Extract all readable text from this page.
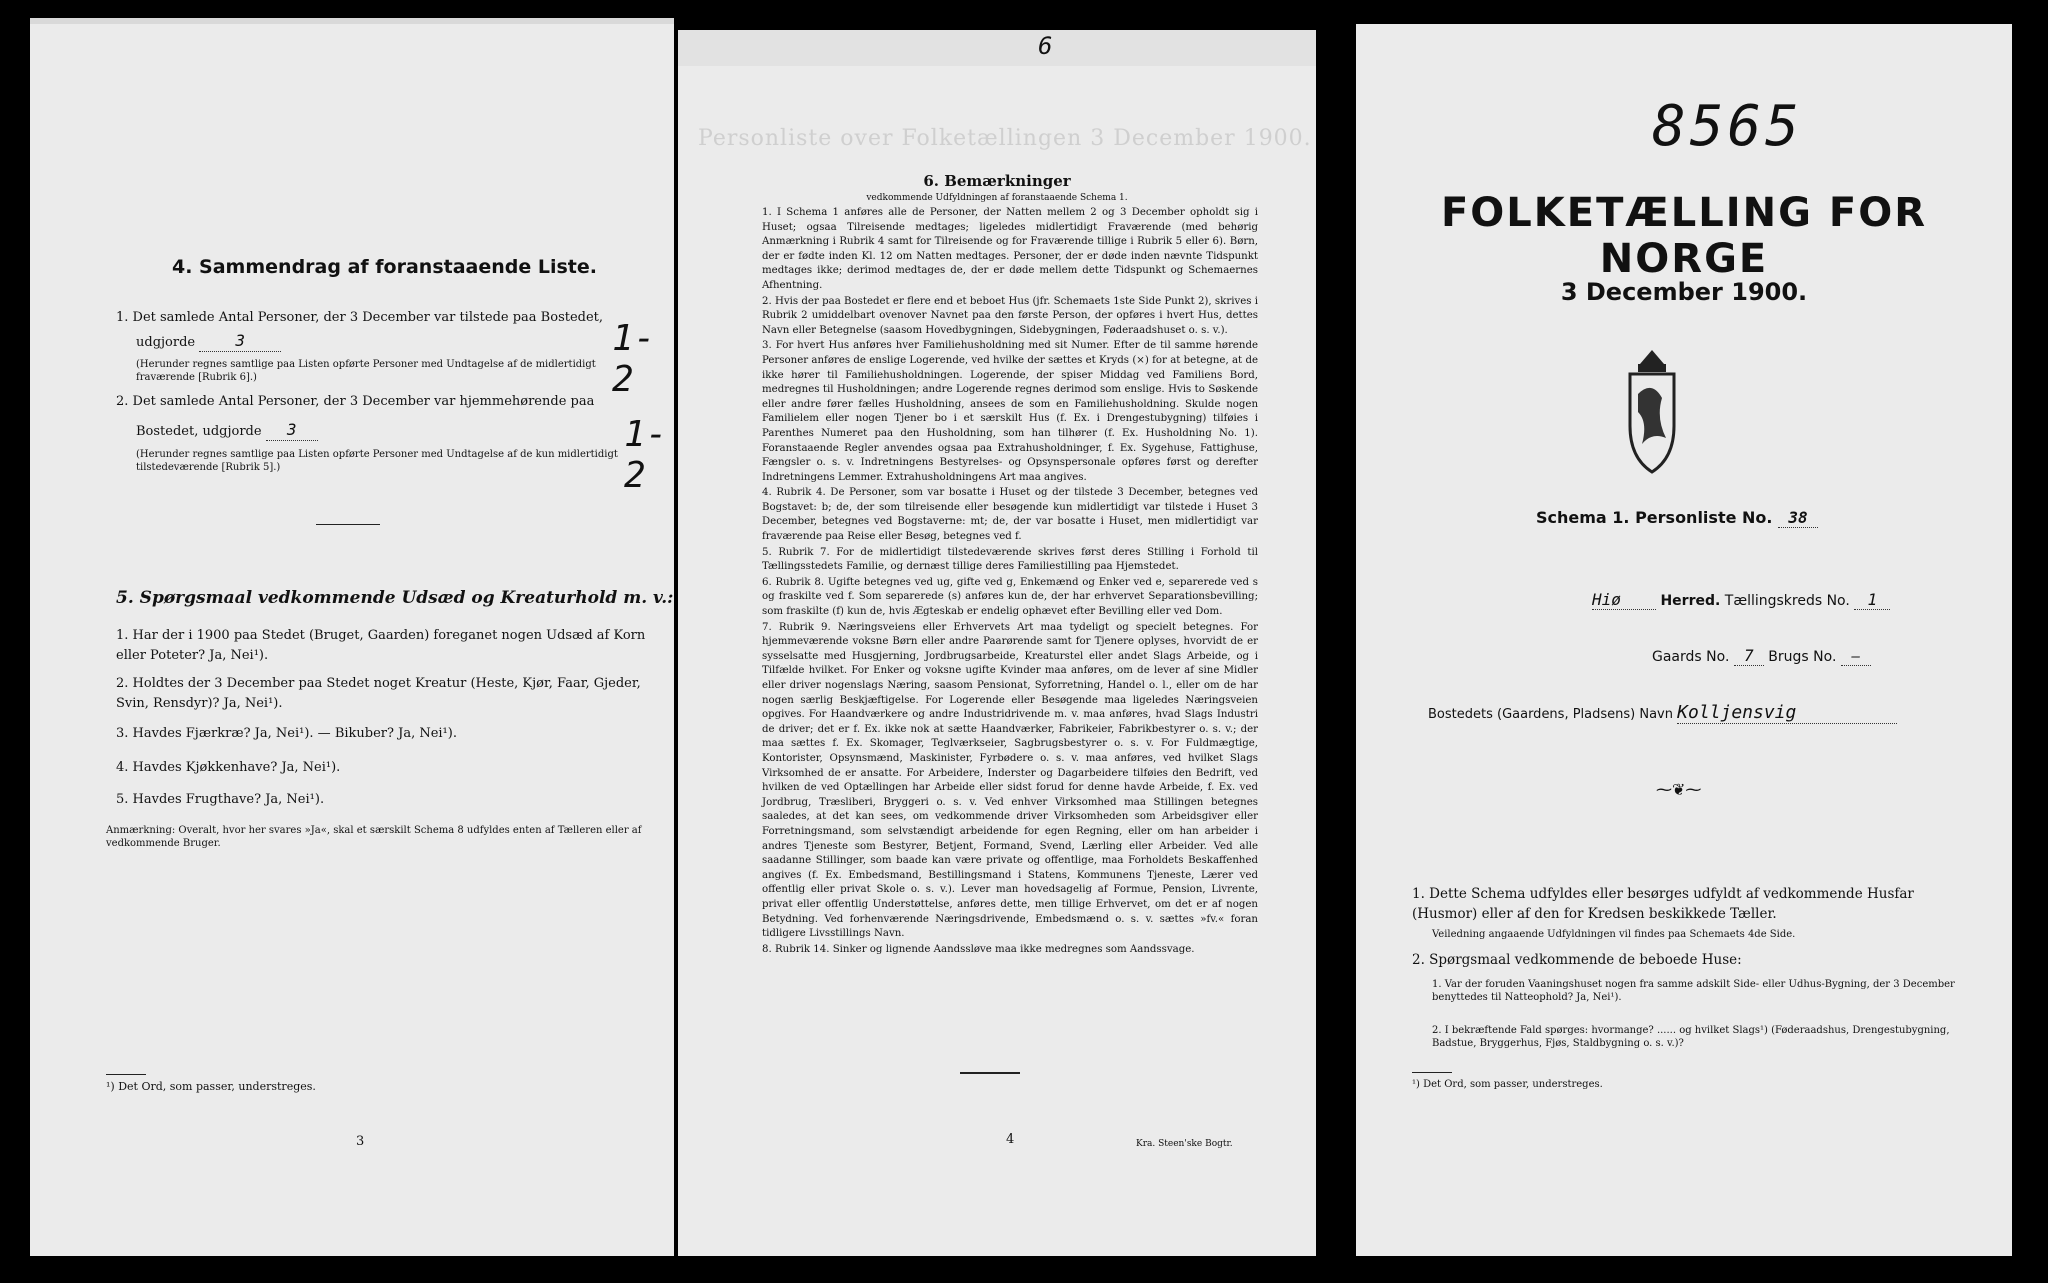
4. Sammendrag af foranstaaende Liste.
1. Det samlede Antal Personer, der 3 December var tilstede paa Bostedet,
udgjorde	3	1-2
(Herunder regnes samtlige paa Listen opførte Personer med Undtagelse af de midlertidigt fraværende [Rubrik 6].)
2. Det samlede Antal Personer, der 3 December var hjemmehørende paa
Bostedet, udgjorde 3	1-2
(Herunder regnes samtlige paa Listen opførte Personer med Undtagelse af de kun midlertidigt tilstedeværende [Rubrik 5].)
5. Spørgsmaal vedkommende Udsæd og Kreaturhold m. v.:
1. Har der i 1900 paa Stedet (Bruget, Gaarden) foreganet nogen Udsæd af Korn eller Poteter? Ja, Nei¹).
2. Holdtes der 3 December paa Stedet noget Kreatur (Heste, Kjør, Faar, Gjeder, Svin, Rensdyr)? Ja, Nei¹).
3. Havdes Fjærkræ? Ja, Nei¹). — Bikuber? Ja, Nei¹).
4. Havdes Kjøkkenhave? Ja, Nei¹).
5. Havdes Frugthave? Ja, Nei¹).
Anmærkning: Overalt, hvor her svares »Ja«, skal et særskilt Schema 8 udfyldes enten af Tælleren eller af vedkommende Bruger.
¹) Det Ord, som passer, understreges.
3
Personliste over Folketællingen 3 December 1900.
6
6. Bemærkninger
vedkommende Udfyldningen af foranstaaende Schema 1.

1. I Schema 1 anføres alle de Personer, der Natten mellem 2 og 3 December opholdt sig i Huset; ogsaa Tilreisende medtages; ligeledes midlertidigt Fraværende (med behørig Anmærkning i Rubrik 4 samt for Tilreisende og for Fraværende tillige i Rubrik 5 eller 6). Børn, der er fødte inden Kl. 12 om Natten medtages. Personer, der er døde inden nævnte Tidspunkt medtages ikke; derimod medtages de, der er døde mellem dette Tidspunkt og Schemaernes Afhentning.

2. Hvis der paa Bostedet er flere end et beboet Hus (jfr. Schemaets 1ste Side Punkt 2), skrives i Rubrik 2 umiddelbart ovenover Navnet paa den første Person, der opføres i hvert Hus, dettes Navn eller Betegnelse (saasom Hovedbygningen, Sidebygningen, Føderaadshuset o. s. v.).

3. For hvert Hus anføres hver Familiehusholdning med sit Numer. Efter de til samme hørende Personer anføres de enslige Logerende, ved hvilke der sættes et Kryds (×) for at betegne, at de ikke hører til Familiehusholdningen. Logerende, der spiser Middag ved Familiens Bord, medregnes til Husholdningen; andre Logerende regnes derimod som enslige. Hvis to Søskende eller andre fører fælles Husholdning, ansees de som en Familiehusholdning. Skulde nogen Familielem eller nogen Tjener bo i et særskilt Hus (f. Ex. i Drengestubygning) tilføies i Parenthes Numeret paa den Husholdning, som han tilhører (f. Ex. Husholdning No. 1). Foranstaaende Regler anvendes ogsaa paa Extrahusholdninger, f. Ex. Sygehuse, Fattighuse, Fængsler o. s. v. Indretningens Bestyrelses- og Opsynspersonale opføres først og derefter Indretningens Lemmer. Extrahusholdningens Art maa angives.

4. Rubrik 4. De Personer, som var bosatte i Huset og der tilstede 3 December, betegnes ved Bogstavet: b; de, der som tilreisende eller besøgende kun midlertidigt var tilstede i Huset 3 December, betegnes ved Bogstaverne: mt; de, der var bosatte i Huset, men midlertidigt var fraværende paa Reise eller Besøg, betegnes ved f.

5. Rubrik 7. For de midlertidigt tilstedeværende skrives først deres Stilling i Forhold til Tællingsstedets Familie, og dernæst tillige deres Familiestilling paa Hjemstedet.

6. Rubrik 8. Ugifte betegnes ved ug, gifte ved g, Enkemænd og Enker ved e, separerede ved s og fraskilte ved f. Som separerede (s) anføres kun de, der har erhvervet Separationsbevilling; som fraskilte (f) kun de, hvis Ægteskab er endelig ophævet efter Bevilling eller ved Dom.

7. Rubrik 9. Næringsveiens eller Erhvervets Art maa tydeligt og specielt betegnes. For hjemmeværende voksne Børn eller andre Paarørende samt for Tjenere oplyses, hvorvidt de er sysselsatte med Husgjerning, Jordbrugsarbeide, Kreaturstel eller andet Slags Arbeide, og i Tilfælde hvilket. For Enker og voksne ugifte Kvinder maa anføres, om de lever af sine Midler eller driver nogenslags Næring, saasom Pensionat, Syforretning, Handel o. l., eller om de har nogen særlig Beskjæftigelse. For Logerende eller Besøgende maa ligeledes Næringsveien opgives. For Haandværkere og andre Industridrivende m. v. maa anføres, hvad Slags Industri de driver; det er f. Ex. ikke nok at sætte Haandværker, Fabrikeier, Fabrikbestyrer o. s. v.; der maa sættes f. Ex. Skomager, Teglværkseier, Sagbrugsbestyrer o. s. v. For Fuldmægtige, Kontorister, Opsynsmænd, Maskinister, Fyrbødere o. s. v. maa anføres, ved hvilket Slags Virksomhed de er ansatte. For Arbeidere, Inderster og Dagarbeidere tilføies den Bedrift, ved hvilken de ved Optællingen har Arbeide eller sidst forud for denne havde Arbeide, f. Ex. ved Jordbrug, Træsliberi, Bryggeri o. s. v. Ved enhver Virksomhed maa Stillingen betegnes saaledes, at det kan sees, om vedkommende driver Virksomheden som Arbeidsgiver eller Forretningsmand, som selvstændigt arbeidende for egen Regning, eller om han arbeider i andres Tjeneste som Bestyrer, Betjent, Formand, Svend, Lærling eller Arbeider. Ved alle saadanne Stillinger, som baade kan være private og offentlige, maa Forholdets Beskaffenhed angives (f. Ex. Embedsmand, Bestillingsmand i Statens, Kommunens Tjeneste, Lærer ved offentlig eller privat Skole o. s. v.). Lever man hovedsagelig af Formue, Pension, Livrente, privat eller offentlig Understøttelse, anføres dette, men tillige Erhvervet, om det er af nogen Betydning. Ved forhenværende Næringsdrivende, Embedsmænd o. s. v. sættes »fv.« foran tidligere Livsstillings Navn.

8. Rubrik 14. Sinker og lignende Aandssløve maa ikke medregnes som Aandssvage.

4	Kra. Steen'ske Bogtr.
8565
FOLKETÆLLING FOR NORGE
3 December 1900.
Schema 1. Personliste No. 38
Hiø	Herred. Tællingskreds No. 1
Gaards No. 7 Brugs No. —
Bostedets (Gaardens, Pladsens) Navn Kolljensvig
⁓❦⁓
1. Dette Schema udfyldes eller besørges udfyldt af vedkommende Husfar (Husmor) eller af den for Kredsen beskikkede Tæller.
Veiledning angaaende Udfyldningen vil findes paa Schemaets 4de Side.
2. Spørgsmaal vedkommende de beboede Huse:
1. Var der foruden Vaaningshuset nogen fra samme adskilt Side- eller Udhus-Bygning, der 3 December benyttedes til Natteophold? Ja, Nei¹).
2. I bekræftende Fald spørges: hvormange? ...... og hvilket Slags¹) (Føderaadshus, Drengestubygning, Badstue, Bryggerhus, Fjøs, Staldbygning o. s. v.)?
¹) Det Ord, som passer, understreges.
